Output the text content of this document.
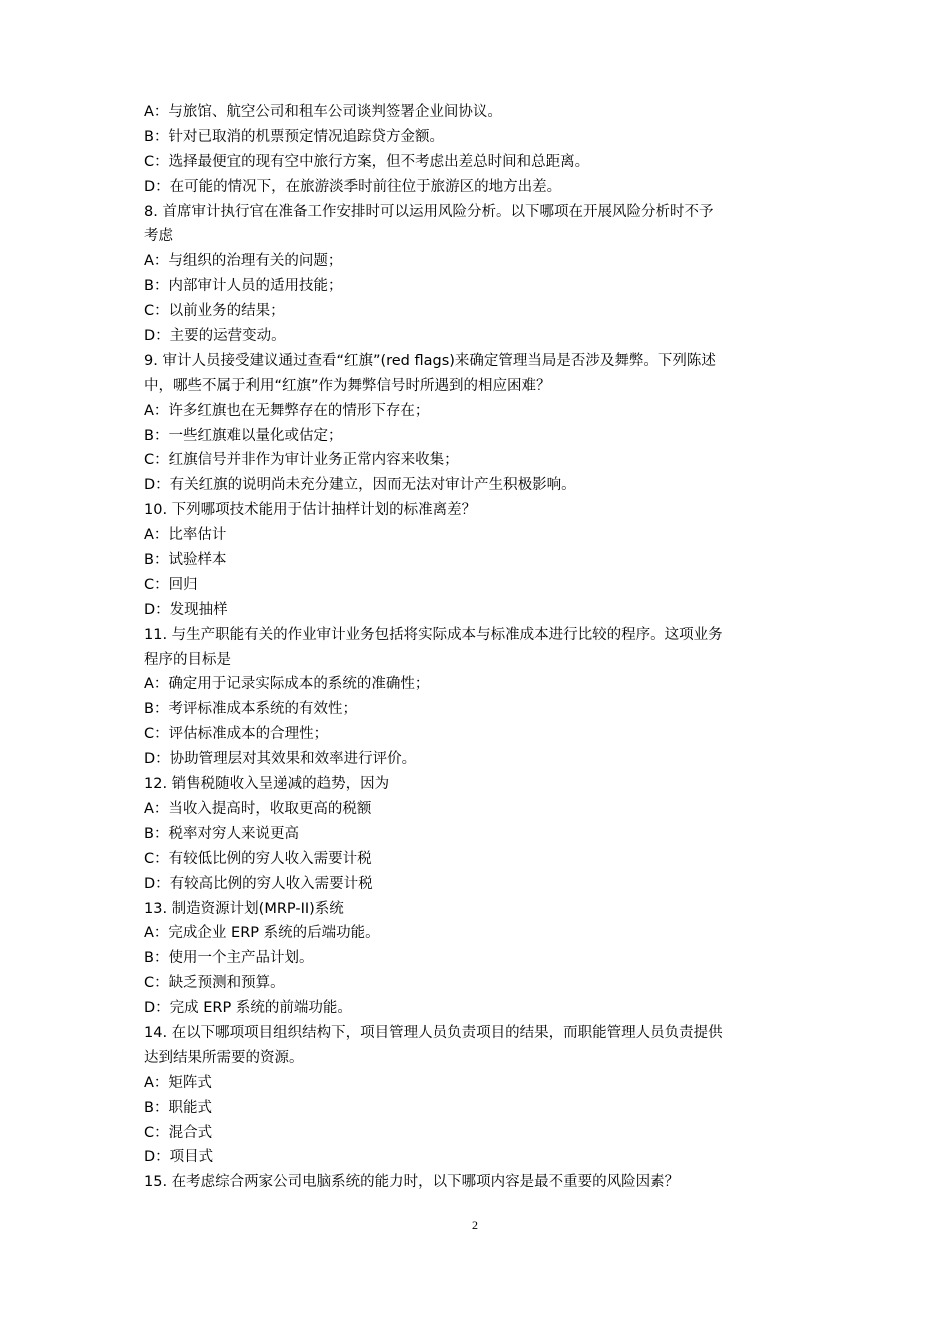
A：与旅馆、航空公司和租车公司谈判签署企业间协议。
B：针对已取消的机票预定情况追踪贷方金额。
C：选择最便宜的现有空中旅行方案，但不考虑出差总时间和总距离。
D：在可能的情况下，在旅游淡季时前往位于旅游区的地方出差。
8. 首席审计执行官在准备工作安排时可以运用风险分析。以下哪项在开展风险分析时不予
考虑
A：与组织的治理有关的问题；
B：内部审计人员的适用技能；
C：以前业务的结果；
D：主要的运营变动。
9. 审计人员接受建议通过查看“红旗”(red flags)来确定管理当局是否涉及舞弊。下列陈述
中，哪些不属于利用“红旗”作为舞弊信号时所遇到的相应困难？
A：许多红旗也在无舞弊存在的情形下存在；
B：一些红旗难以量化或估定；
C：红旗信号并非作为审计业务正常内容来收集；
D：有关红旗的说明尚未充分建立，因而无法对审计产生积极影响。
10. 下列哪项技术能用于估计抽样计划的标准离差？
A：比率估计
B：试验样本
C：回归
D：发现抽样
11. 与生产职能有关的作业审计业务包括将实际成本与标准成本进行比较的程序。这项业务
程序的目标是
A：确定用于记录实际成本的系统的准确性；
B：考评标准成本系统的有效性；
C：评估标准成本的合理性；
D：协助管理层对其效果和效率进行评价。
12. 销售税随收入呈递减的趋势，因为
A：当收入提高时，收取更高的税额
B：税率对穷人来说更高
C：有较低比例的穷人收入需要计税
D：有较高比例的穷人收入需要计税
13. 制造资源计划(MRP-II)系统
A：完成企业 ERP 系统的后端功能。
B：使用一个主产品计划。
C：缺乏预测和预算。
D：完成 ERP 系统的前端功能。
14. 在以下哪项项目组织结构下，项目管理人员负责项目的结果，而职能管理人员负责提供
达到结果所需要的资源。
A：矩阵式
B：职能式
C：混合式
D：项目式
15. 在考虑综合两家公司电脑系统的能力时，以下哪项内容是最不重要的风险因素？
2
